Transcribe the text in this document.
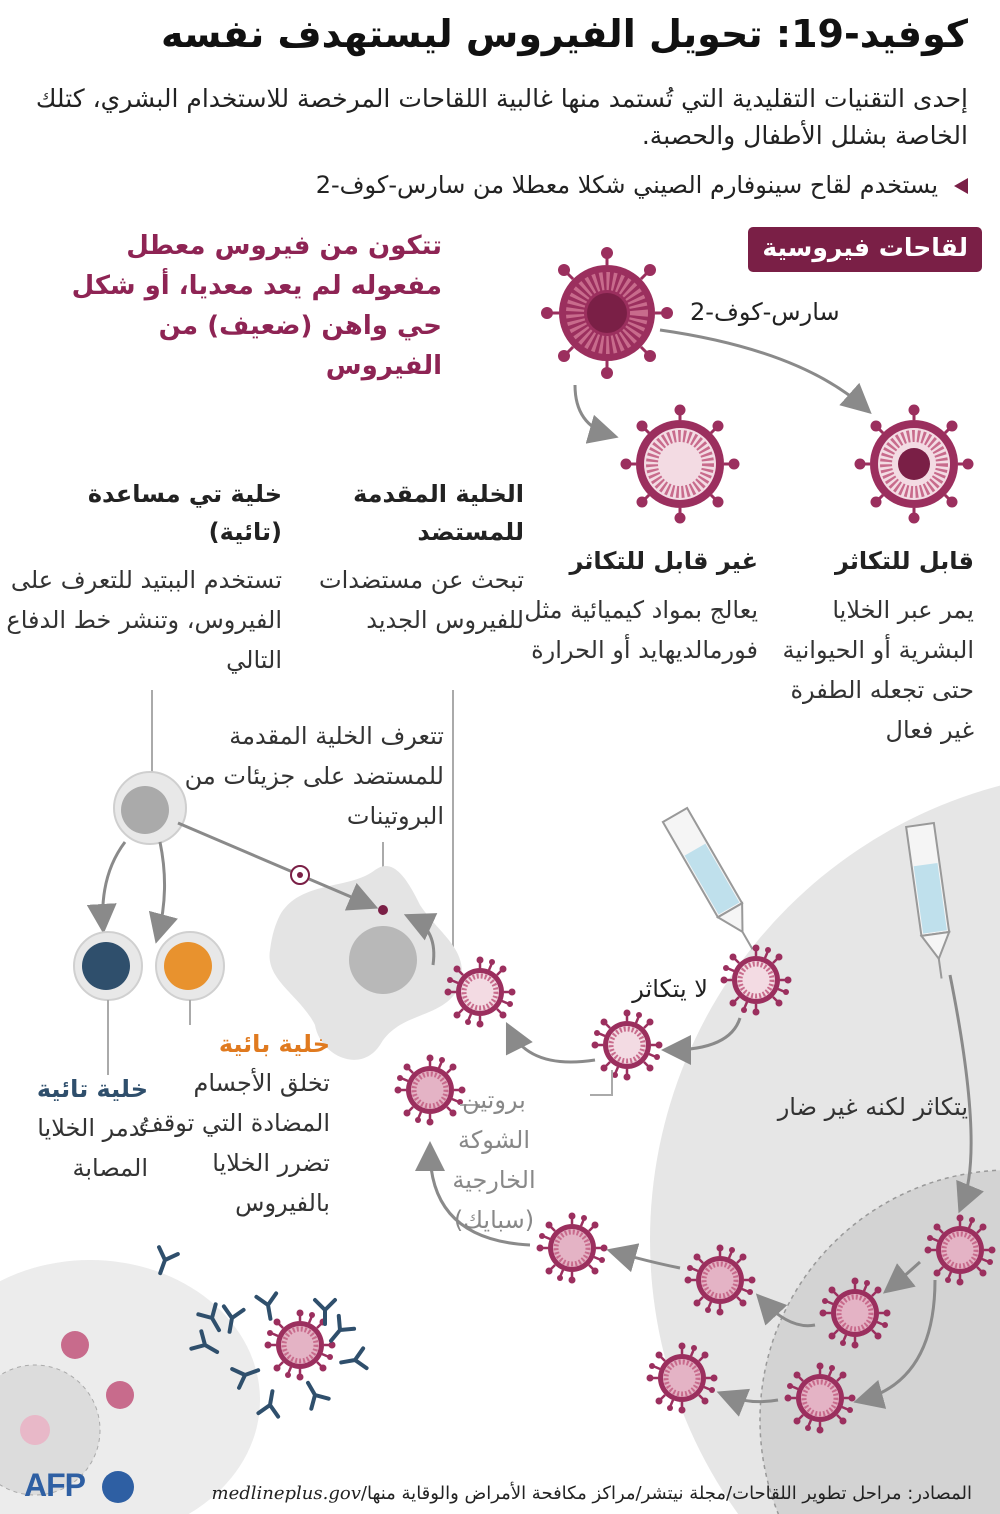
كوفيد-19: تحويل الفيروس ليستهدف نفسه
إحدى التقنيات التقليدية التي تُستمد منها غالبية اللقاحات المرخصة للاستخدام البشري، كتلك الخاصة بشلل الأطفال والحصبة.
يستخدم لقاح سينوفارم الصيني شكلا معطلا من سارس-كوف-2
لقاحات فيروسية
تتكون من فيروس معطل مفعوله لم يعد معديا، أو شكل حي واهن (ضعيف) من الفيروس
سارس-كوف-2
خلية تي مساعدة (تائية)
تستخدم الببتيد للتعرف على الفيروس، وتنشر خط الدفاع التالي
الخلية المقدمة للمستضد
تبحث عن مستضدات للفيروس الجديد
غير قابل للتكاثر
يعالج بمواد كيميائية مثل فورمالديهايد أو الحرارة
قابل للتكاثر
يمر عبر الخلايا البشرية أو الحيوانية حتى تجعله الطفرة غير فعال
تتعرف الخلية المقدمة للمستضد على جزيئات من البروتينات
لا يتكاثر
بروتين الشوكة الخارجية (سبايك)
يتكاثر لكنه غير ضار
خلية تائية
تُدمر الخلايا المصابة
خلية بائية
تخلق الأجسام المضادة التي توقف تضرر الخلايا بالفيروس
المصادر: مراحل تطوير اللقاحات/مجلة نيتشر/مراكز مكافحة الأمراض والوقاية منها/medlineplus.gov
AFP
